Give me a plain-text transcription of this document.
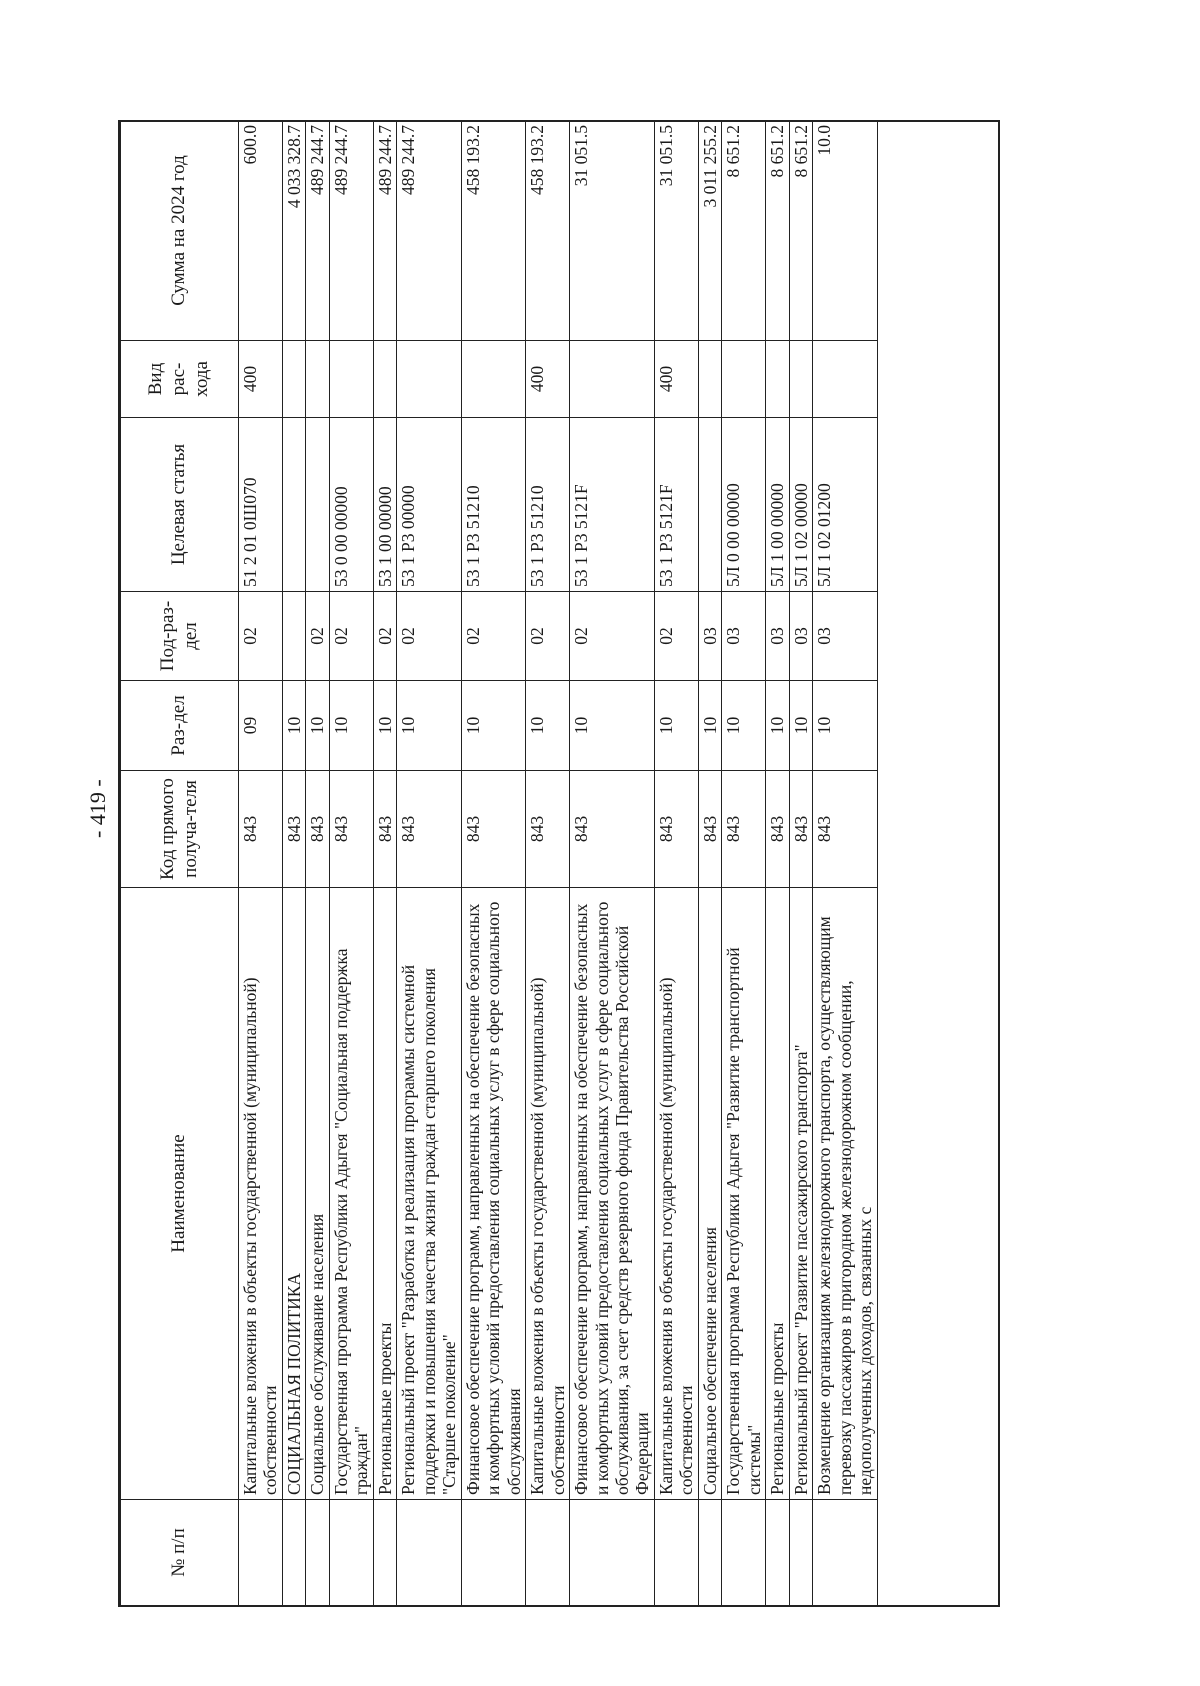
- 419 -
№ п/п	Наименование	Код прямого получа-теля	Раз-дел	Под-раз-дел	Целевая статья	Вид рас-хода	Сумма на 2024 год
	Капитальные вложения в объекты государственной (муниципальной) собственности	843	09	02	51 2 01 0Ш070	400	600.0
	СОЦИАЛЬНАЯ ПОЛИТИКА	843	10				4 033 328.7
	Социальное обслуживание населения	843	10	02			489 244.7
	Государственная программа Республики Адыгея "Социальная поддержка граждан"	843	10	02	53 0 00 00000		489 244.7
	Региональные проекты	843	10	02	53 1 00 00000		489 244.7
	Региональный проект "Разработка и реализация программы системной поддержки и повышения качества жизни граждан старшего поколения "Старшее поколение"	843	10	02	53 1 P3 00000		489 244.7
	Финансовое обеспечение программ, направленных на обеспечение безопасных и комфортных условий предоставления социальных услуг в сфере социального обслуживания	843	10	02	53 1 P3 51210		458 193.2
	Капитальные вложения в объекты государственной (муниципальной) собственности	843	10	02	53 1 P3 51210	400	458 193.2
	Финансовое обеспечение программ, направленных на обеспечение безопасных и комфортных условий предоставления социальных услуг в сфере социального обслуживания, за счет средств резервного фонда Правительства Российской Федерации	843	10	02	53 1 P3 5121F		31 051.5
	Капитальные вложения в объекты государственной (муниципальной) собственности	843	10	02	53 1 P3 5121F	400	31 051.5
	Социальное обеспечение населения	843	10	03			3 011 255.2
	Государственная программа Республики Адыгея "Развитие транспортной системы"	843	10	03	5Л 0 00 00000		8 651.2
	Региональные проекты	843	10	03	5Л 1 00 00000		8 651.2
	Региональный проект "Развитие пассажирского транспорта"	843	10	03	5Л 1 02 00000		8 651.2
	Возмещение организациям железнодорожного транспорта, осуществляющим перевозку пассажиров в пригородном железнодорожном сообщении, недополученных доходов, связанных с	843	10	03	5Л 1 02 01200		10.0
